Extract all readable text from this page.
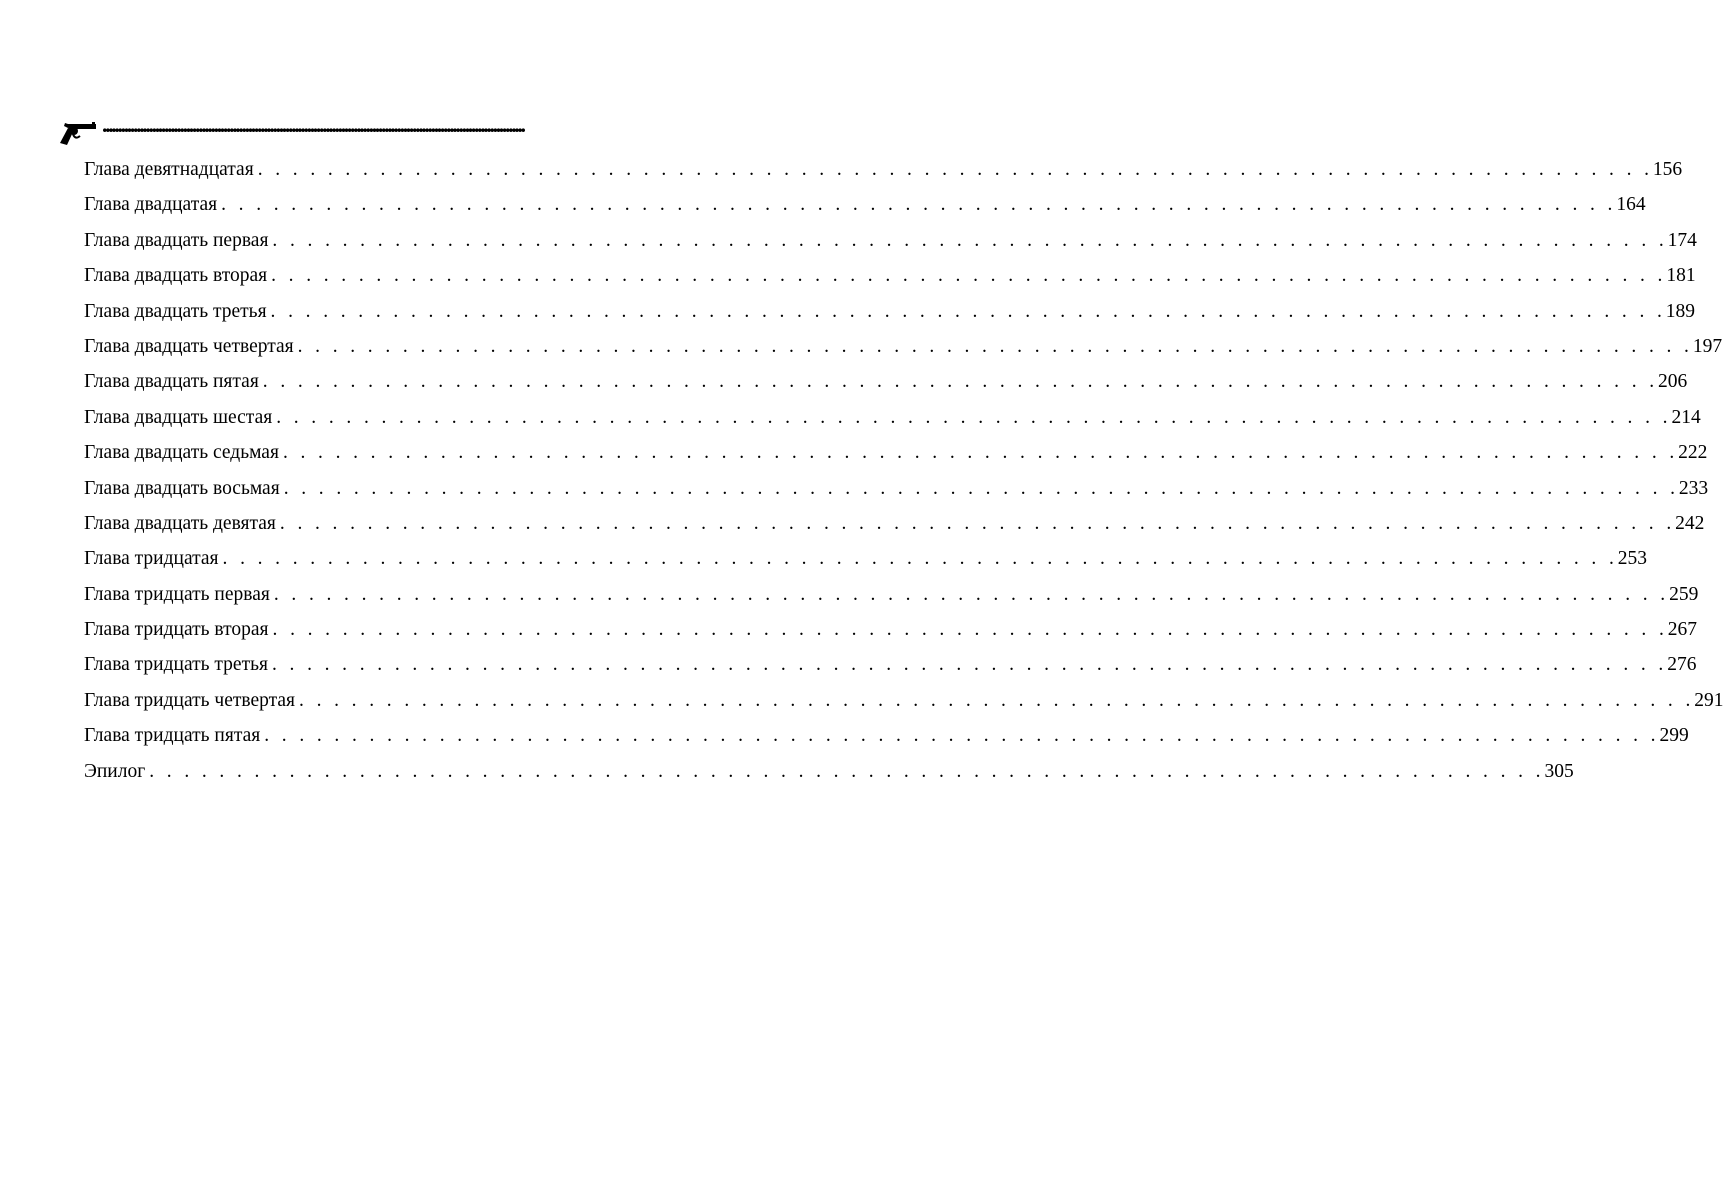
........................................................................................................................................
Глава девятнадцатая . . . . . . . . . . . . . . . . . . . . . . . . . . . . . . . . . . . . . . . . . . . . . . . . . . . . . . . . . . . . . . . . . . . . . . . . . . . . . . . . 156
Глава двадцатая . . . . . . . . . . . . . . . . . . . . . . . . . . . . . . . . . . . . . . . . . . . . . . . . . . . . . . . . . . . . . . . . . . . . . . . . . . . . . . . . 164
Глава двадцать первая . . . . . . . . . . . . . . . . . . . . . . . . . . . . . . . . . . . . . . . . . . . . . . . . . . . . . . . . . . . . . . . . . . . . . . . . . . . . . . . . 174
Глава двадцать вторая . . . . . . . . . . . . . . . . . . . . . . . . . . . . . . . . . . . . . . . . . . . . . . . . . . . . . . . . . . . . . . . . . . . . . . . . . . . . . . . . 181
Глава двадцать третья . . . . . . . . . . . . . . . . . . . . . . . . . . . . . . . . . . . . . . . . . . . . . . . . . . . . . . . . . . . . . . . . . . . . . . . . . . . . . . . . 189
Глава двадцать четвертая . . . . . . . . . . . . . . . . . . . . . . . . . . . . . . . . . . . . . . . . . . . . . . . . . . . . . . . . . . . . . . . . . . . . . . . . . . . . . . . . 197
Глава двадцать пятая . . . . . . . . . . . . . . . . . . . . . . . . . . . . . . . . . . . . . . . . . . . . . . . . . . . . . . . . . . . . . . . . . . . . . . . . . . . . . . . . 206
Глава двадцать шестая . . . . . . . . . . . . . . . . . . . . . . . . . . . . . . . . . . . . . . . . . . . . . . . . . . . . . . . . . . . . . . . . . . . . . . . . . . . . . . . . 214
Глава двадцать седьмая . . . . . . . . . . . . . . . . . . . . . . . . . . . . . . . . . . . . . . . . . . . . . . . . . . . . . . . . . . . . . . . . . . . . . . . . . . . . . . . . 222
Глава двадцать восьмая . . . . . . . . . . . . . . . . . . . . . . . . . . . . . . . . . . . . . . . . . . . . . . . . . . . . . . . . . . . . . . . . . . . . . . . . . . . . . . . . 233
Глава двадцать девятая . . . . . . . . . . . . . . . . . . . . . . . . . . . . . . . . . . . . . . . . . . . . . . . . . . . . . . . . . . . . . . . . . . . . . . . . . . . . . . . . 242
Глава тридцатая . . . . . . . . . . . . . . . . . . . . . . . . . . . . . . . . . . . . . . . . . . . . . . . . . . . . . . . . . . . . . . . . . . . . . . . . . . . . . . . . 253
Глава тридцать первая . . . . . . . . . . . . . . . . . . . . . . . . . . . . . . . . . . . . . . . . . . . . . . . . . . . . . . . . . . . . . . . . . . . . . . . . . . . . . . . . 259
Глава тридцать вторая . . . . . . . . . . . . . . . . . . . . . . . . . . . . . . . . . . . . . . . . . . . . . . . . . . . . . . . . . . . . . . . . . . . . . . . . . . . . . . . . 267
Глава тридцать третья . . . . . . . . . . . . . . . . . . . . . . . . . . . . . . . . . . . . . . . . . . . . . . . . . . . . . . . . . . . . . . . . . . . . . . . . . . . . . . . . 276
Глава тридцать четвертая . . . . . . . . . . . . . . . . . . . . . . . . . . . . . . . . . . . . . . . . . . . . . . . . . . . . . . . . . . . . . . . . . . . . . . . . . . . . . . . . 291
Глава тридцать пятая . . . . . . . . . . . . . . . . . . . . . . . . . . . . . . . . . . . . . . . . . . . . . . . . . . . . . . . . . . . . . . . . . . . . . . . . . . . . . . . . 299
Эпилог . . . . . . . . . . . . . . . . . . . . . . . . . . . . . . . . . . . . . . . . . . . . . . . . . . . . . . . . . . . . . . . . . . . . . . . . . . . . . . . . 305
